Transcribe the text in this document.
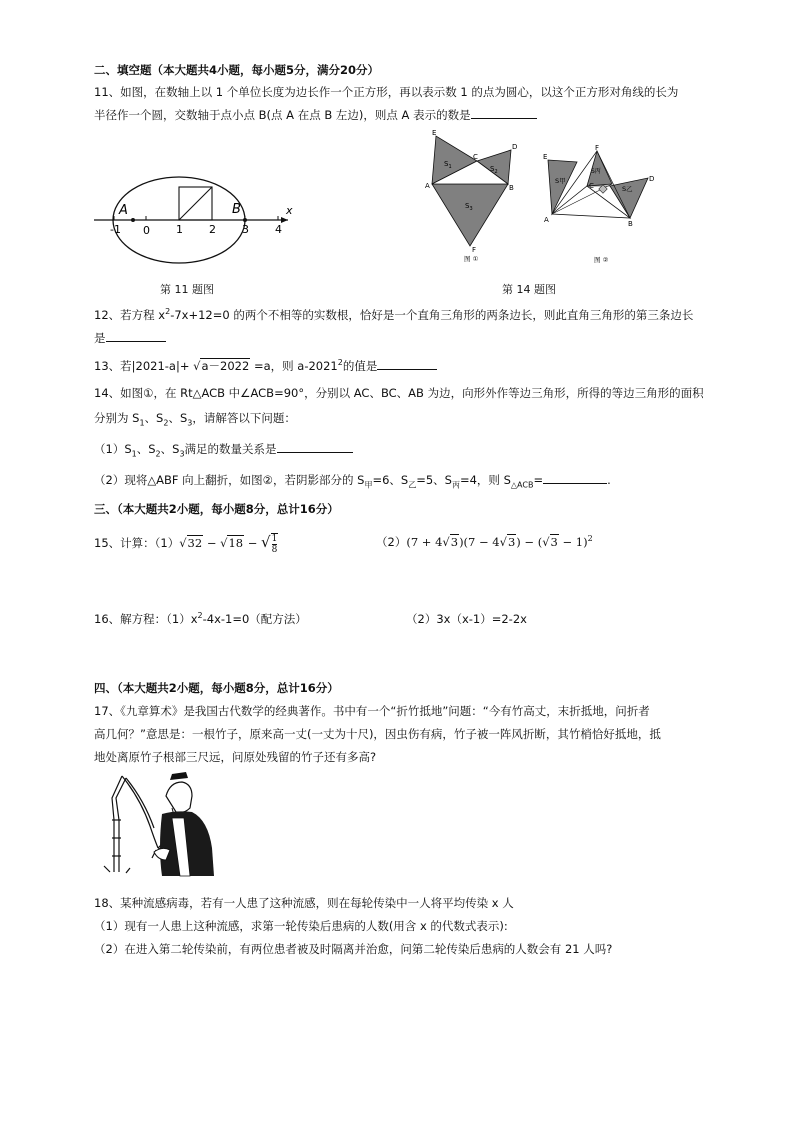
二、填空题（本大题共4小题，每小题5分，满分20分）
11、如图，在数轴上以 1 个单位长度为边长作一个正方形，再以表示数 1 的点为圆心，以这个正方形对角线的长为
半径作一个圆，交数轴于点小点 B(点 A 在点 B 左边)，则点 A 表示的数是
-1 0 1 2 3 4
A	B	x
第 11 题图
E
C
D
A	B
F
$S_1$	$S_2$
$S_3$
图 ①
E
F
C
D
A	B
S甲
S丙
S乙
图 ②
第 14 题图
12、若方程 $x^2-7x+12=0$ 的两个不相等的实数根，恰好是一个直角三角形的两条边长，则此直角三角形的第三条边长
是
13、若|2021-a|+ √a－2022 =a，则 a-2021$^2$的值是
14、如图①，在 Rt△ACB 中∠ACB=90°，分别以 AC、BC、AB 为边，向形外作等边三角形，所得的等边三角形的面积
分别为 $S_1$、$S_2$、$S_3$，请解答以下问题：
$(1)S_1$、$S_2$、$S_3$满足的数量关系是
（2）现将△ABF 向上翻折，如图②，若阴影部分的 $S_甲=6$、$S_乙=5$、$S_丙=4$，则 $S_{\triangle ACB}=$	.
三、（本大题共2小题，每小题8分，总计16分）
15、计算：（1）√32 − √18 − √ $\frac{1}{8}$	$(2)(7 + 4√3)(7 - 4√3) - (√3 - 1)^2$
16、解方程：$(1)x^2-4x-1=0$（配方法）	（2）3x（x-1）=2-2x
四、（本大题共2小题，每小题8分，总计16分）
17、《九章算术》是我国古代数学的经典著作。书中有一个“折竹抵地”问题：“今有竹高丈，末折抵地，问折者
高几何？”意思是：一根竹子，原来高一丈(一丈为十尺)，因虫伤有病，竹子被一阵风折断，其竹梢恰好抵地，抵
地处离原竹子根部三尺远，问原处残留的竹子还有多高?
18、某种流感病毒，若有一人患了这种流感，则在每轮传染中一人将平均传染 x 人
（1）现有一人患上这种流感，求第一轮传染后患病的人数(用含 x 的代数式表示):
（2）在进入第二轮传染前，有两位患者被及时隔离并治愈，问第二轮传染后患病的人数会有 21 人吗?
